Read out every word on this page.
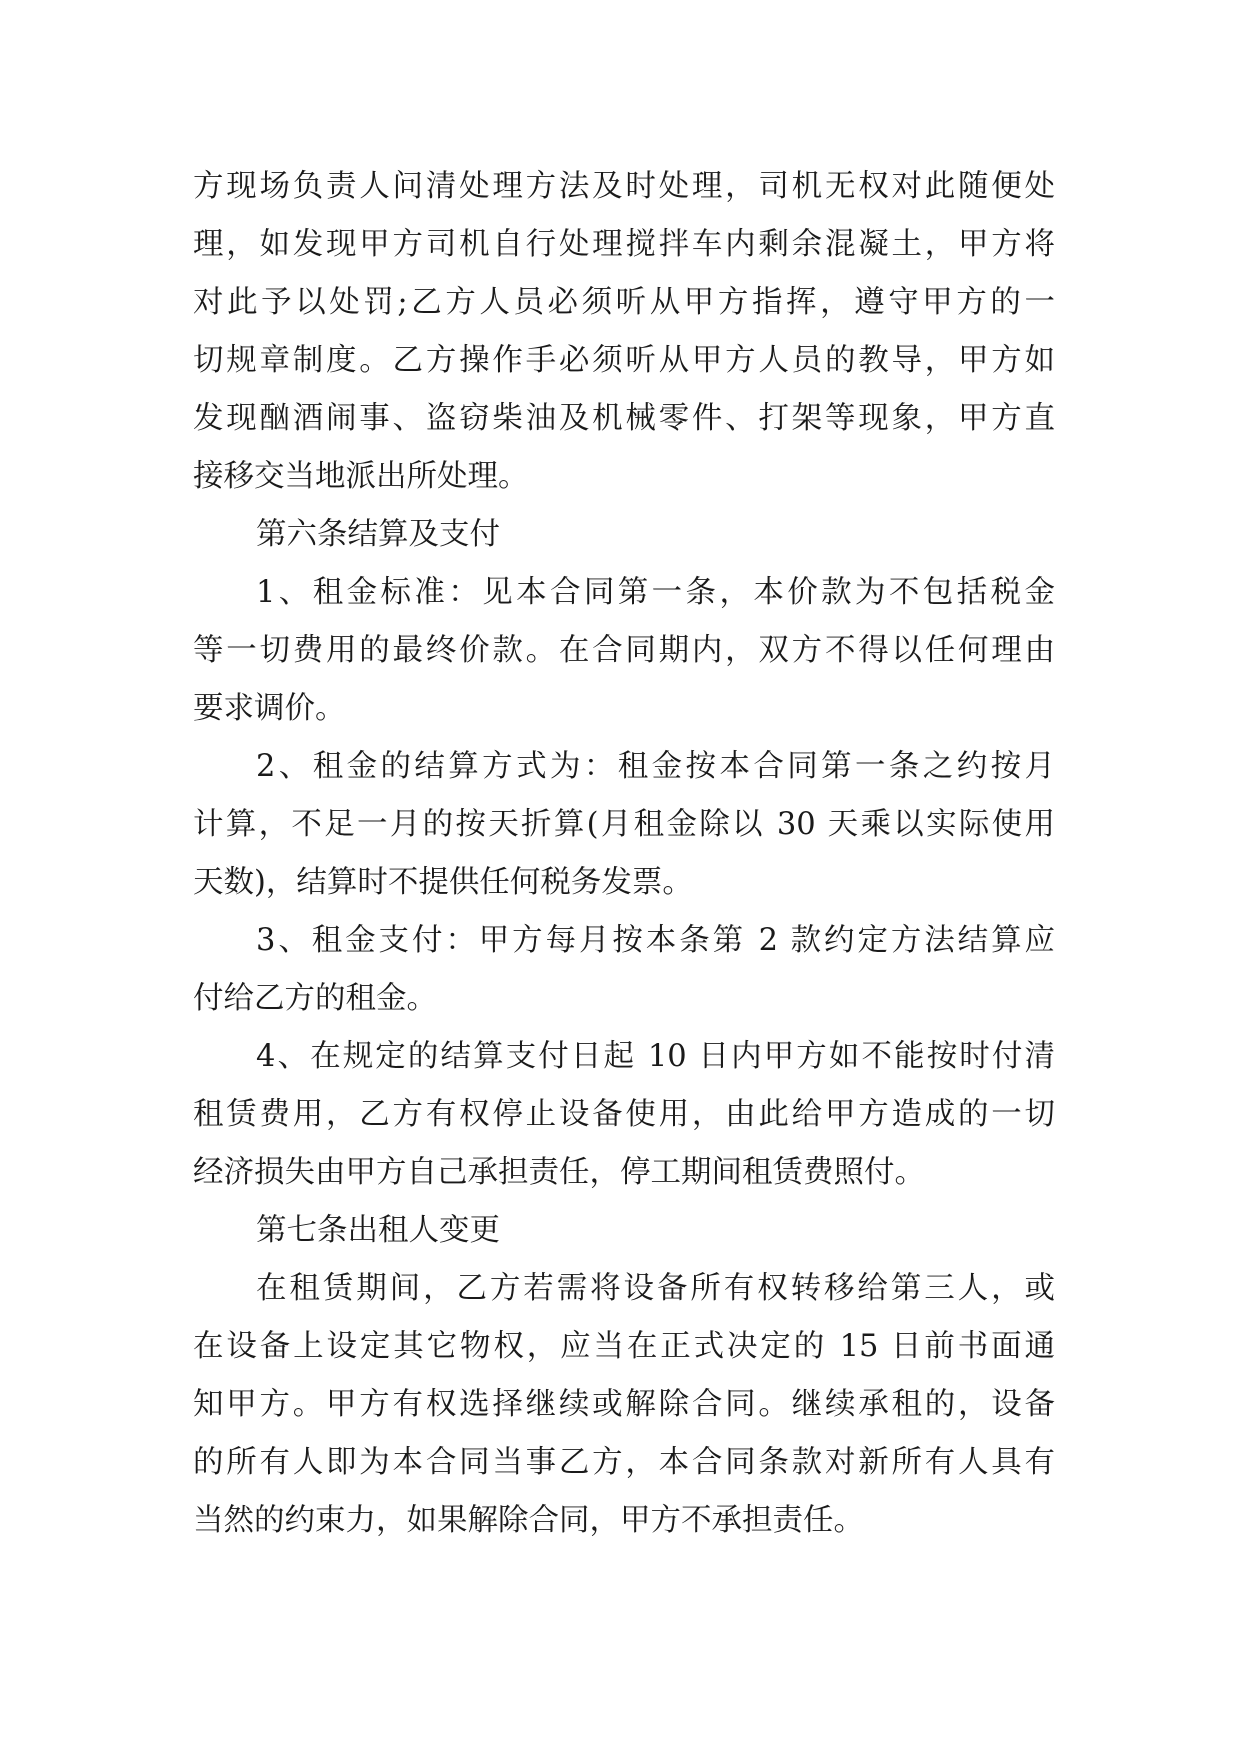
方现场负责人问清处理方法及时处理，司机无权对此随便处
理，如发现甲方司机自行处理搅拌车内剩余混凝土，甲方将
对此予以处罚;乙方人员必须听从甲方指挥，遵守甲方的一
切规章制度。乙方操作手必须听从甲方人员的教导，甲方如
发现酗酒闹事、盗窃柴油及机械零件、打架等现象，甲方直
接移交当地派出所处理。
第六条结算及支付
1、租金标准：见本合同第一条，本价款为不包括税金
等一切费用的最终价款。在合同期内，双方不得以任何理由
要求调价。
2、租金的结算方式为：租金按本合同第一条之约按月
计算，不足一月的按天折算(月租金除以 30 天乘以实际使用
天数)，结算时不提供任何税务发票。
3、租金支付：甲方每月按本条第 2 款约定方法结算应
付给乙方的租金。
4、在规定的结算支付日起 10 日内甲方如不能按时付清
租赁费用，乙方有权停止设备使用，由此给甲方造成的一切
经济损失由甲方自己承担责任，停工期间租赁费照付。
第七条出租人变更
在租赁期间，乙方若需将设备所有权转移给第三人，或
在设备上设定其它物权，应当在正式决定的 15 日前书面通
知甲方。甲方有权选择继续或解除合同。继续承租的，设备
的所有人即为本合同当事乙方，本合同条款对新所有人具有
当然的约束力，如果解除合同，甲方不承担责任。
